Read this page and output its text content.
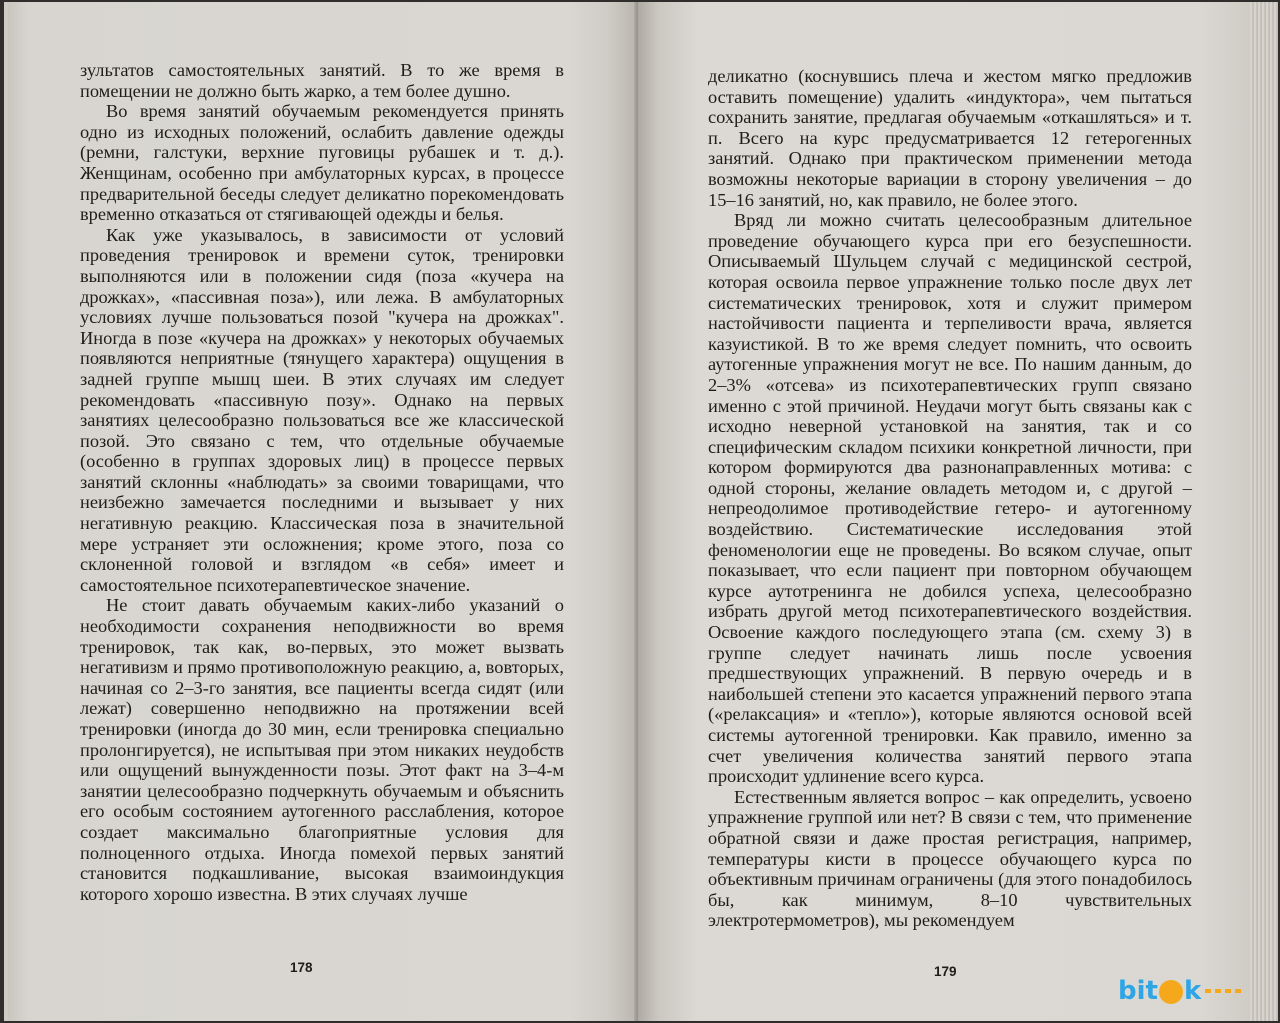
зультатов самостоятельных занятий. В то же время в помещении не должно быть жарко, а тем более душно.

Во время занятий обучаемым рекомендуется принять одно из исходных положений, ослабить давление одежды (ремни, галстуки, верхние пуговицы рубашек и т. д.). Женщинам, особенно при амбулаторных курсах, в процессе предварительной беседы следует деликатно порекомендовать временно отказаться от стягивающей одежды и белья.

Как уже указывалось, в зависимости от условий проведения тренировок и времени суток, тренировки выполняются или в положении сидя (поза «кучера на дрожках», «пассивная поза»), или лежа. В амбулаторных условиях лучше пользоваться позой "кучера на дрожках". Иногда в позе «кучера на дрожках» у некоторых обучаемых появляются неприятные (тянущего характера) ощущения в задней группе мышц шеи. В этих случаях им следует рекомендовать «пассивную позу». Однако на первых занятиях целесообразно пользоваться все же классической позой. Это связано с тем, что отдельные обучаемые (особенно в группах здоровых лиц) в процессе первых занятий склонны «наблюдать» за своими товарищами, что неизбежно замечается последними и вызывает у них негативную реакцию. Классическая поза в значительной мере устраняет эти осложнения; кроме этого, поза со склоненной головой и взглядом «в себя» имеет и самостоятельное психотерапевтическое значение.

Не стоит давать обучаемым каких-либо указаний о необходимости сохранения неподвижности во время тренировок, так как, во-первых, это может вызвать негативизм и прямо противоположную реакцию, а, вовторых, начиная со 2–3-го занятия, все пациенты всегда сидят (или лежат) совершенно неподвижно на протяжении всей тренировки (иногда до 30 мин, если тренировка специально пролонгируется), не испытывая при этом никаких неудобств или ощущений вынужденности позы. Этот факт на 3–4-м занятии целесообразно подчеркнуть обучаемым и объяснить его особым состоянием аутогенного расслабления, которое создает максимально благоприятные условия для полноценного отдыха. Иногда помехой первых занятий становится подкашливание, высокая взаимоиндукция которого хорошо известна. В этих случаях лучше

178

деликатно (коснувшись плеча и жестом мягко предложив оставить помещение) удалить «индуктора», чем пытаться сохранить занятие, предлагая обучаемым «откашляться» и т. п. Всего на курс предусматривается 12 гетерогенных занятий. Однако при практическом применении метода возможны некоторые вариации в сторону увеличения – до 15–16 занятий, но, как правило, не более этого.

Вряд ли можно считать целесообразным длительное проведение обучающего курса при его безуспешности. Описываемый Шульцем случай с медицинской сестрой, которая освоила первое упражнение только после двух лет систематических тренировок, хотя и служит примером настойчивости пациента и терпеливости врача, является казуистикой. В то же время следует помнить, что освоить аутогенные упражнения могут не все. По нашим данным, до 2–3% «отсева» из психотерапевтических групп связано именно с этой причиной. Неудачи могут быть связаны как с исходно неверной установкой на занятия, так и со специфическим складом психики конкретной личности, при котором формируются два разнонаправленных мотива: с одной стороны, желание овладеть методом и, с другой – непреодолимое противодействие гетеро- и аутогенному воздействию. Систематические исследования этой феноменологии еще не проведены. Во всяком случае, опыт показывает, что если пациент при повторном обучающем курсе аутотренинга не добился успеха, целесообразно избрать другой метод психотерапевтического воздействия. Освоение каждого последующего этапа (см. схему 3) в группе следует начинать лишь после усвоения предшествующих упражнений. В первую очередь и в наибольшей степени это касается упражнений первого этапа («релаксация» и «тепло»), которые являются основой всей системы аутогенной тренировки. Как правило, именно за счет увеличения количества занятий первого этапа происходит удлинение всего курса.

Естественным является вопрос – как определить, усвоено упражнение группой или нет? В связи с тем, что применение обратной связи и даже простая регистрация, например, температуры кисти в процессе обучающего курса по объективным причинам ограничены (для этого понадобилось бы, как минимум, 8–10 чувствительных электротермометров), мы рекомендуем

179
bit k
